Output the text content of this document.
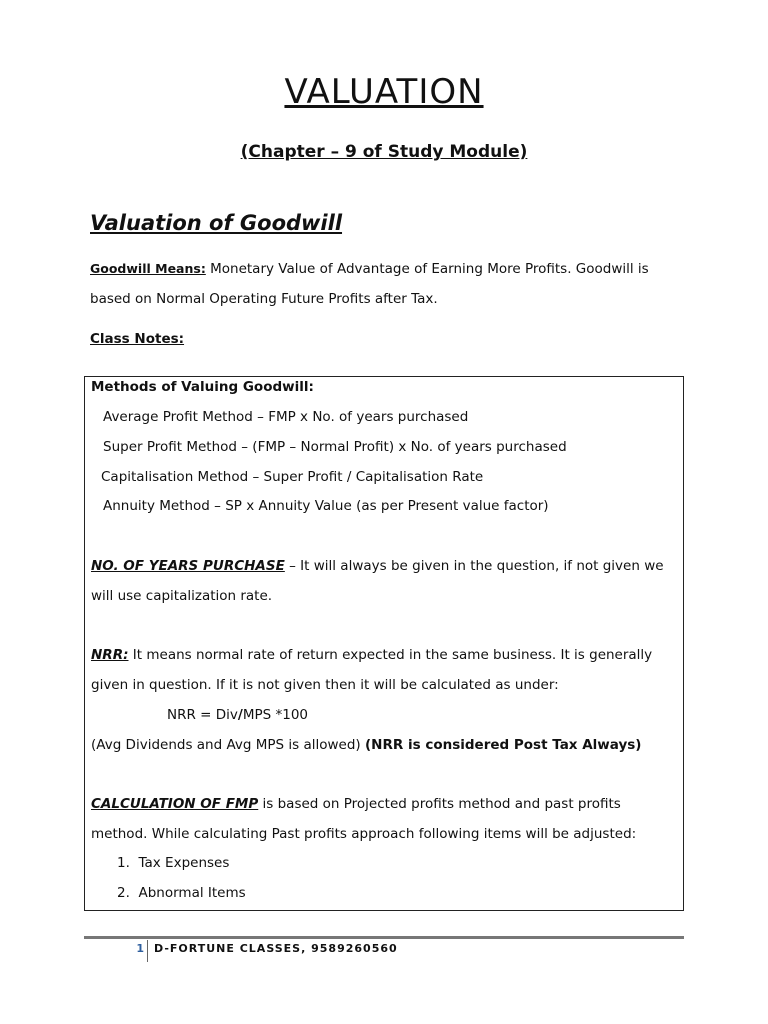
VALUATION
(Chapter – 9 of Study Module)
Valuation of Goodwill

Goodwill Means: Monetary Value of Advantage of Earning More Profits. Goodwill is based on Normal Operating Future Profits after Tax.

Class Notes:

Methods of Valuing Goodwill:

Average Profit Method – FMP x No. of years purchased

Super Profit Method – (FMP – Normal Profit) x No. of years purchased

Capitalisation Method – Super Profit / Capitalisation Rate

Annuity Method – SP x Annuity Value (as per Present value factor)

NO. OF YEARS PURCHASE – It will always be given in the question, if not given we will use capitalization rate.

NRR: It means normal rate of return expected in the same business. It is generally given in question. If it is not given then it will be calculated as under:

NRR = Div/MPS *100

(Avg Dividends and Avg MPS is allowed) (NRR is considered Post Tax Always)

CALCULATION OF FMP is based on Projected profits method and past profits method. While calculating Past profits approach following items will be adjusted:

1. Tax Expenses

2. Abnormal Items

1 D-FORTUNE CLASSES, 9589260560
